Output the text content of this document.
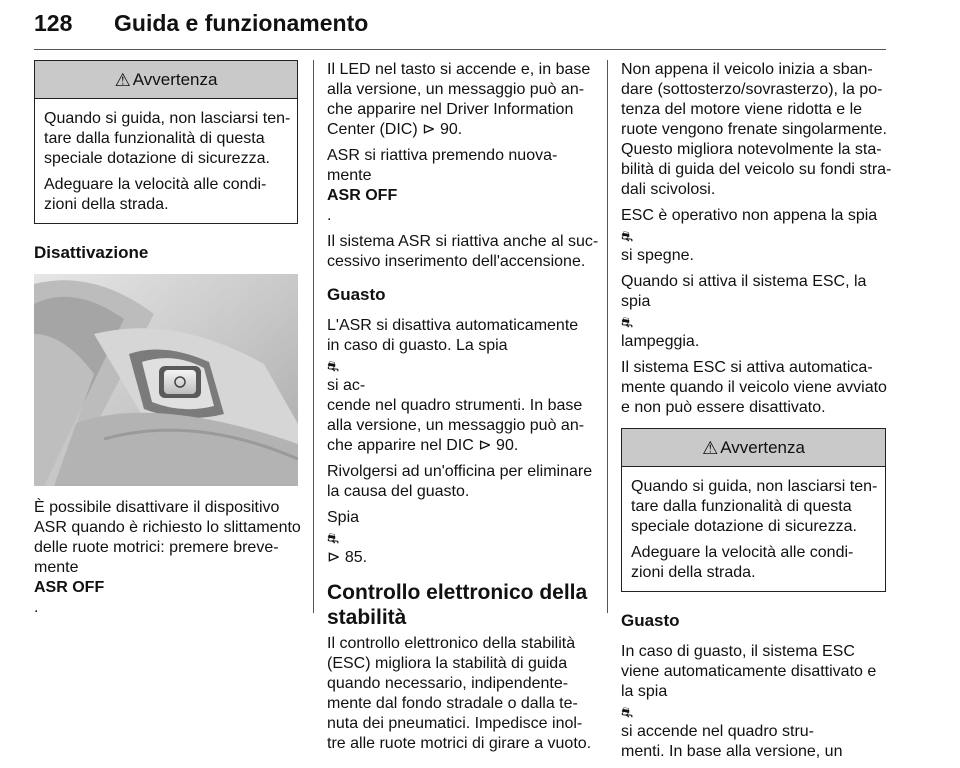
128 Guida e funzionamento
⚠ Avvertenza

Quando si guida, non lasciarsi ten-
tare dalla funzionalità di questa
speciale dotazione di sicurezza.

Adeguare la velocità alle condi-
zioni della strada.

Disattivazione

È possibile disattivare il dispositivo
ASR quando è richiesto lo slittamento
delle ruote motrici: premere breve-
mente
ASR OFF
.

Il LED nel tasto si accende e, in base
alla versione, un messaggio può an-
che apparire nel Driver Information
Center (DIC) ⊳ 90.

ASR si riattiva premendo nuova-
mente
ASR OFF
.

Il sistema ASR si riattiva anche al suc-
cessivo inserimento dell'accensione.

Guasto

L'ASR si disattiva automaticamente
in caso di guasto. La spia
⛐
si ac-
cende nel quadro strumenti. In base
alla versione, un messaggio può an-
che apparire nel DIC ⊳ 90.

Rivolgersi ad un'officina per eliminare
la causa del guasto.

Spia
⛐
⊳ 85.

Controllo elettronico della
stabilità

Il controllo elettronico della stabilità
(ESC) migliora la stabilità di guida
quando necessario, indipendente-
mente dal fondo stradale o dalla te-
nuta dei pneumatici. Impedisce inol-
tre alle ruote motrici di girare a vuoto.

Non appena il veicolo inizia a sban-
dare (sottosterzo/sovrasterzo), la po-
tenza del motore viene ridotta e le
ruote vengono frenate singolarmente.
Questo migliora notevolmente la sta-
bilità di guida del veicolo su fondi stra-
dali scivolosi.

ESC è operativo non appena la spia
⛐
si spegne.

Quando si attiva il sistema ESC, la
spia
⛐
lampeggia.

Il sistema ESC si attiva automatica-
mente quando il veicolo viene avviato
e non può essere disattivato.

⚠ Avvertenza

Quando si guida, non lasciarsi ten-
tare dalla funzionalità di questa
speciale dotazione di sicurezza.

Adeguare la velocità alle condi-
zioni della strada.

Guasto

In caso di guasto, il sistema ESC
viene automaticamente disattivato e
la spia
⛐
si accende nel quadro stru-
menti. In base alla versione, un
